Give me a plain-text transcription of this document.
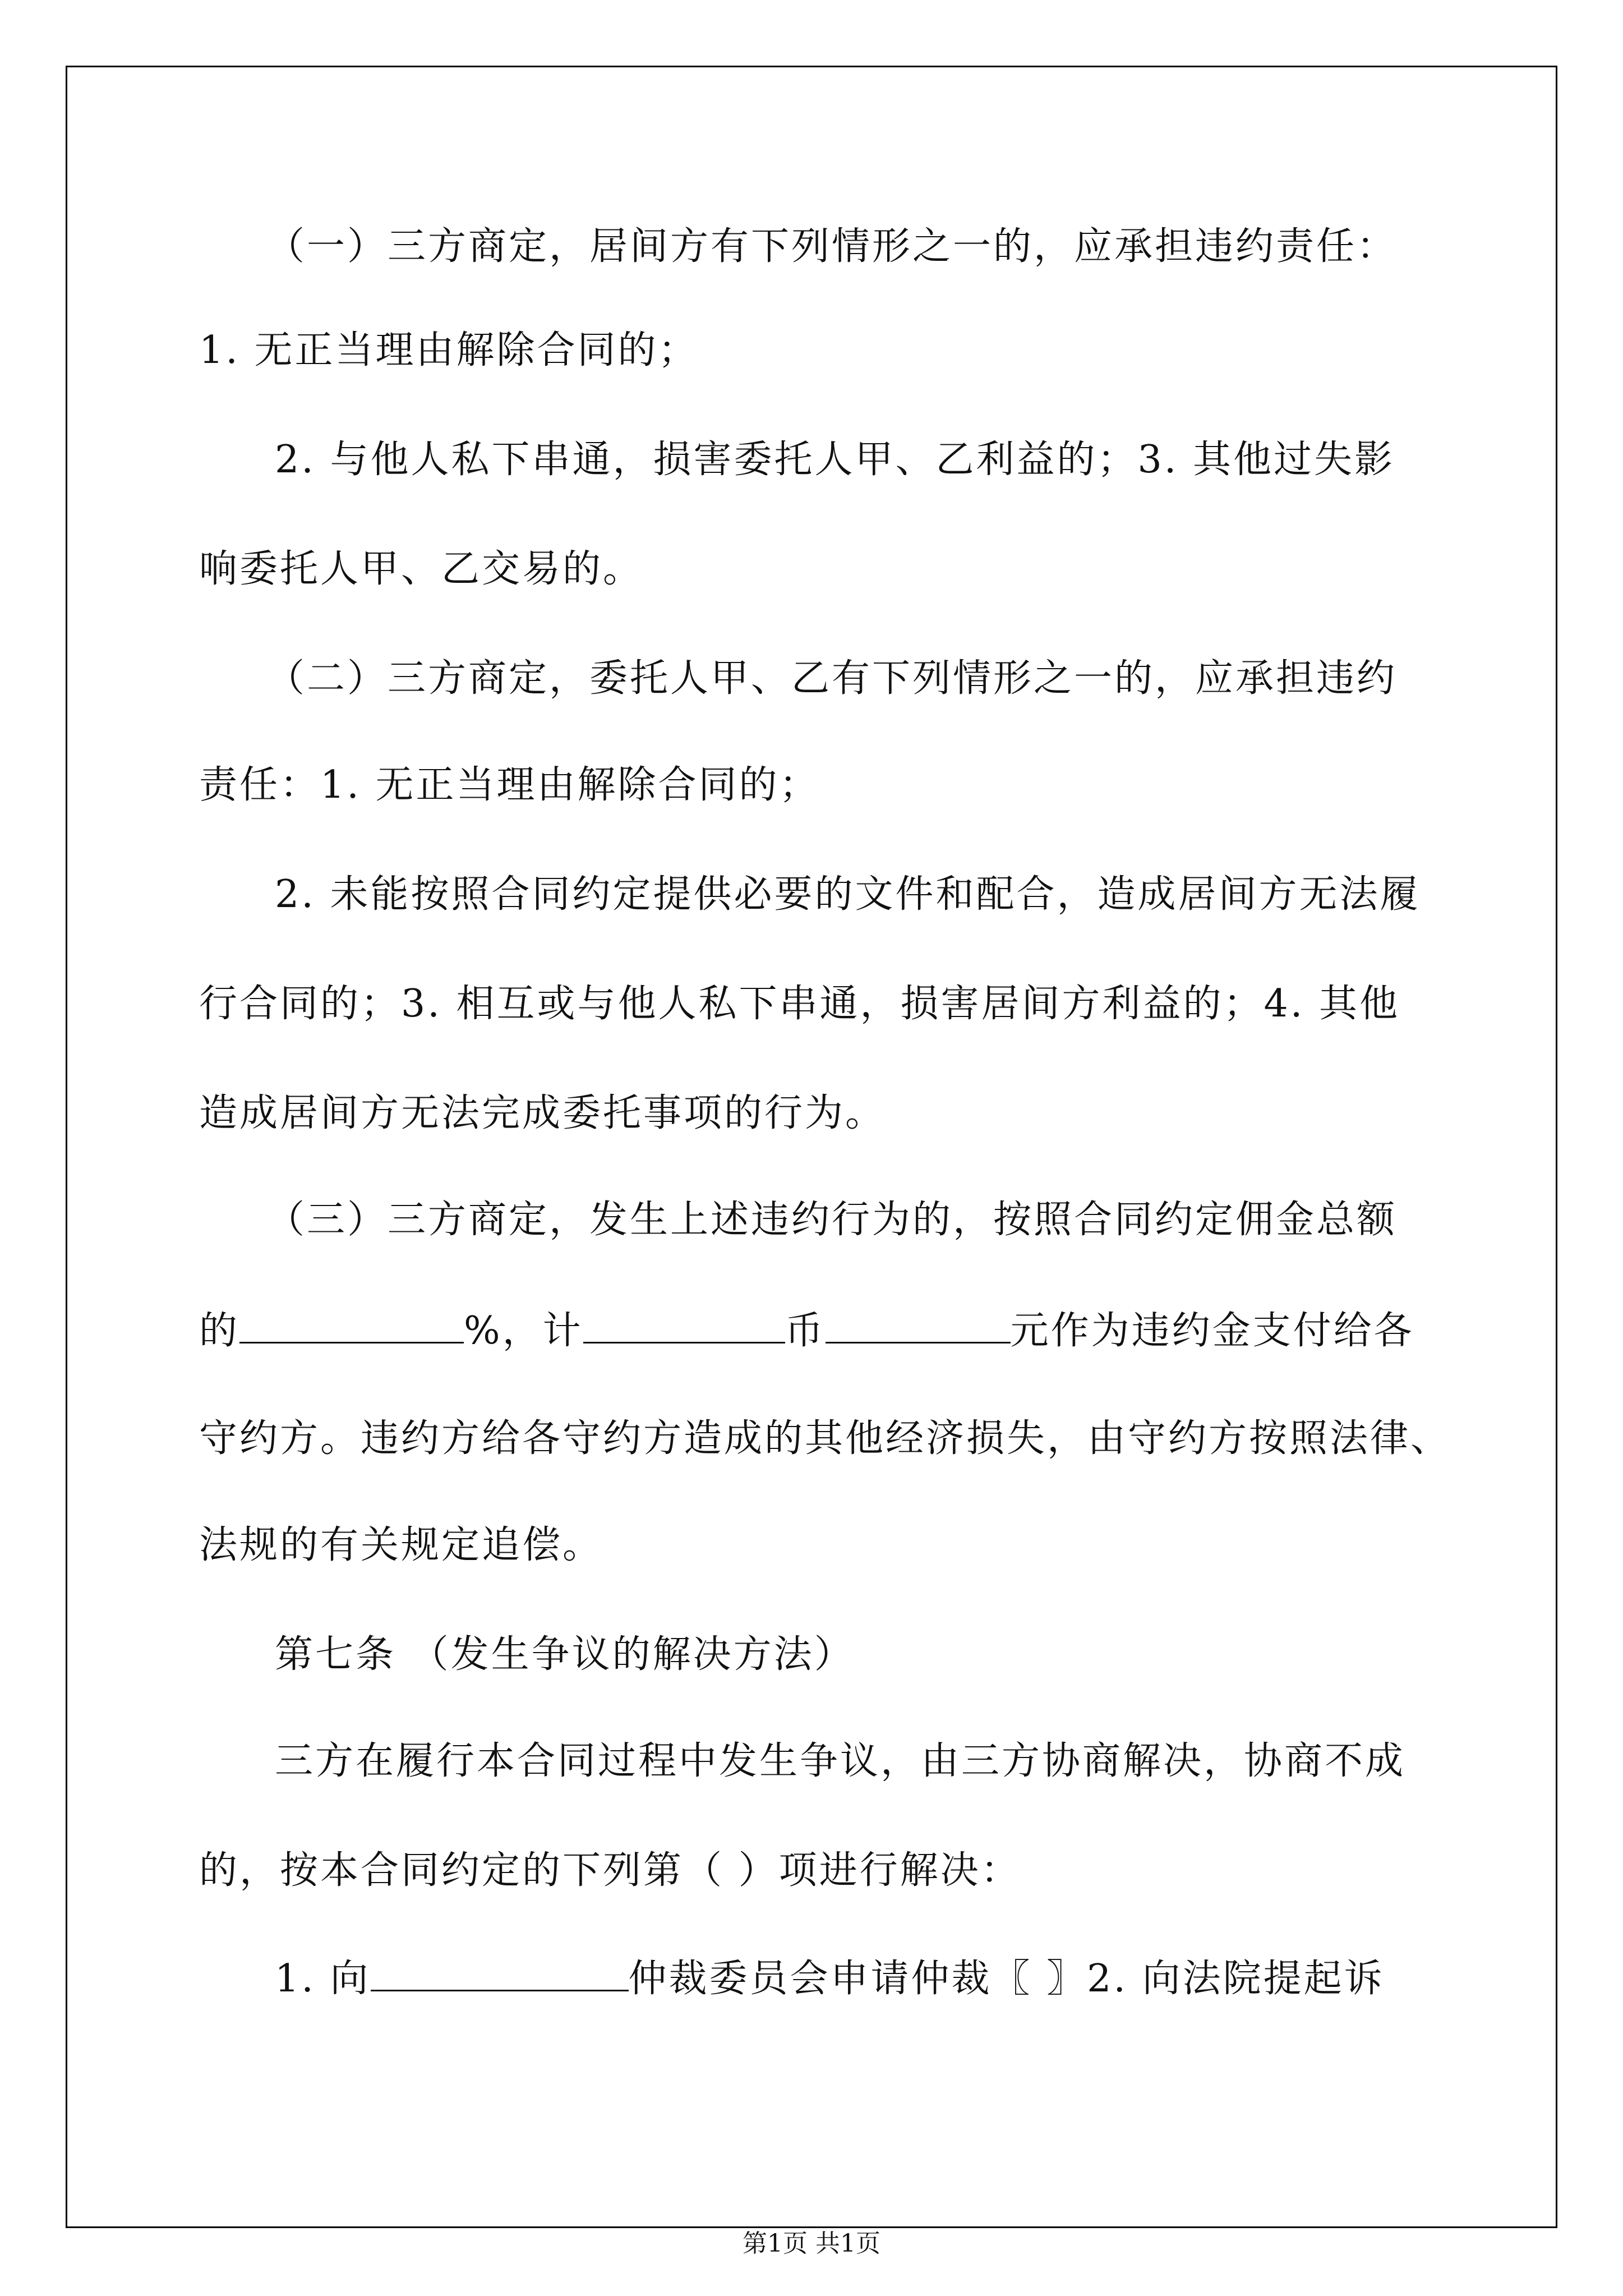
（一）三方商定，居间方有下列情形之一的，应承担违约责任：
1. 无正当理由解除合同的；
2. 与他人私下串通，损害委托人甲、乙利益的；3. 其他过失影
响委托人甲、乙交易的。
（二）三方商定，委托人甲、乙有下列情形之一的，应承担违约
责任：1. 无正当理由解除合同的；
2. 未能按照合同约定提供必要的文件和配合，造成居间方无法履
行合同的；3. 相互或与他人私下串通，损害居间方利益的；4. 其他
造成居间方无法完成委托事项的行为。
（三）三方商定，发生上述违约行为的，按照合同约定佣金总额
的	%，计	币	元作为违约金支付给各
守约方。违约方给各守约方造成的其他经济损失，由守约方按照法律、
法规的有关规定追偿。
第七条 （发生争议的解决方法）
三方在履行本合同过程中发生争议，由三方协商解决，协商不成
的，按本合同约定的下列第（ ）项进行解决：
1. 向	仲裁委员会申请仲裁〖 〗2. 向法院提起诉
第1页 共1页
